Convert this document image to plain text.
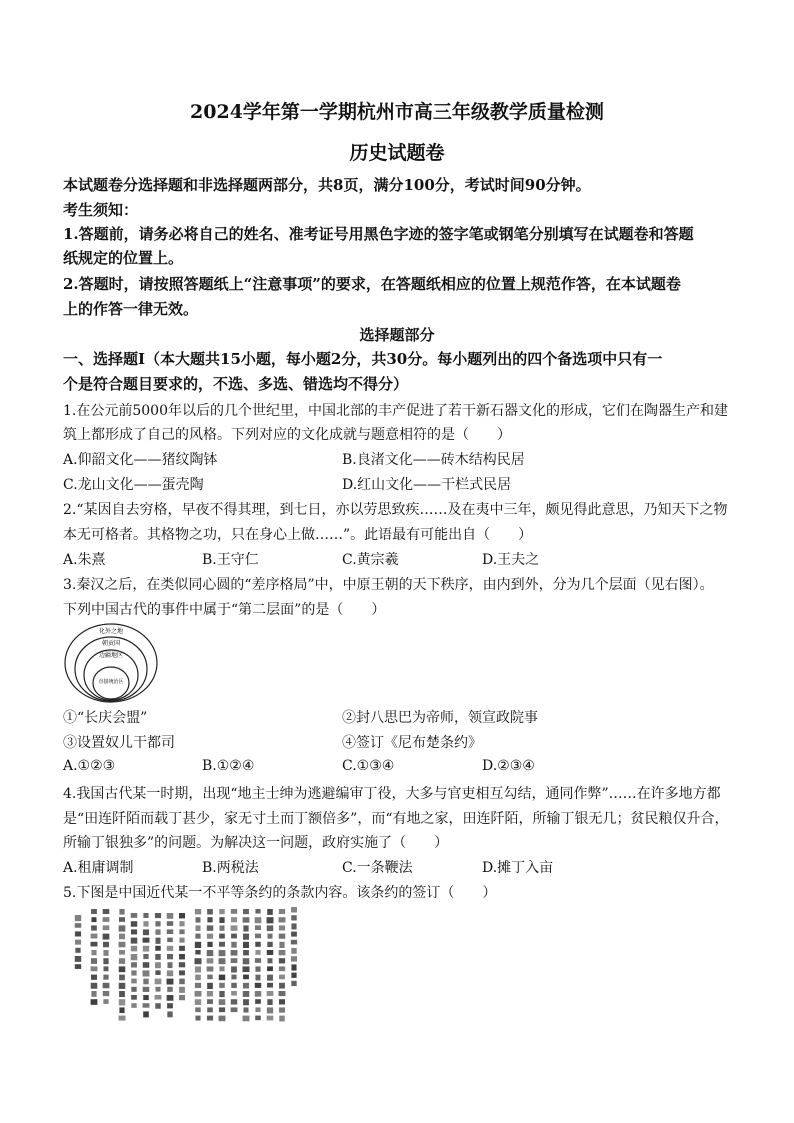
2024学年第一学期杭州市高三年级教学质量检测
历史试题卷
本试题卷分选择题和非选择题两部分，共8页，满分100分，考试时间90分钟。
考生须知：
1.答题前，请务必将自己的姓名、准考证号用黑色字迹的签字笔或钢笔分别填写在试题卷和答题
纸规定的位置上。
2.答题时，请按照答题纸上“注意事项”的要求，在答题纸相应的位置上规范作答，在本试题卷
上的作答一律无效。
选择题部分
一、选择题Ⅰ（本大题共15小题，每小题2分，共30分。每小题列出的四个备选项中只有一
个是符合题目要求的，不选、多选、错选均不得分）
1.在公元前5000年以后的几个世纪里，中国北部的丰产促进了若干新石器文化的形成，它们在陶器生产和建
筑上都形成了自己的风格。下列对应的文化成就与题意相符的是（　　）
A.仰韶文化——猪纹陶钵	B.良渚文化——砖木结构民居
C.龙山文化——蛋壳陶	D.红山文化——干栏式民居
2.“某因自去穷格，早夜不得其理，到七日，亦以劳思致疾……及在夷中三年，颇见得此意思，乃知天下之物
本无可格者。其格物之功，只在身心上做……”。此语最有可能出自（　　）
A.朱熹	B.王守仁	C.黄宗羲	D.王夫之
3.秦汉之后，在类似同心圆的“差序格局”中，中原王朝的天下秩序，由内到外，分为几个层面（见右图）。
下列中国古代的事件中属于“第二层面”的是（　　）
化外之地
朝贡国
边疆地区
直接统治区
①“长庆会盟”	②封八思巴为帝师，领宣政院事
③设置奴儿干都司	④签订《尼布楚条约》
A.①②③	B.①②④	C.①③④	D.②③④
4.我国古代某一时期，出现“地主士绅为逃避编审丁役，大多与官吏相互勾结，通同作弊”……在许多地方都
是“田连阡陌而载丁甚少，家无寸土而丁额倍多”，而“有地之家，田连阡陌，所输丁银无几；贫民粮仅升合，
所输丁银独多”的问题。为解决这一问题，政府实施了（　　）
A.租庸调制	B.两税法	C.一条鞭法	D.摊丁入亩
5.下图是中国近代某一不平等条约的条款内容。该条约的签订（　　）
